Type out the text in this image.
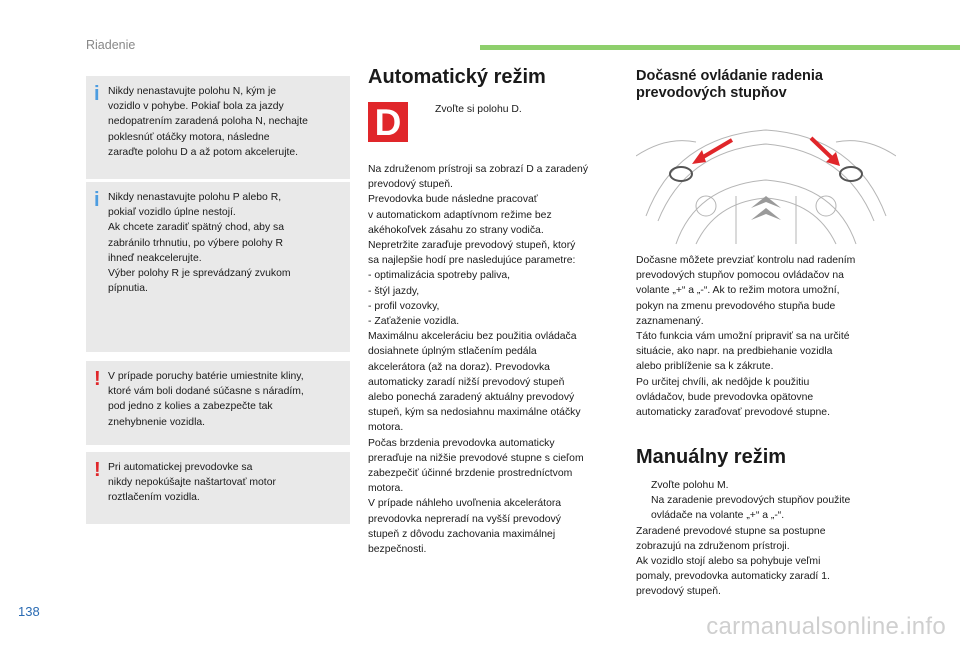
Riadenie
i Nikdy nenastavujte polohu N, kým je

vozidlo v pohybe. Pokiaľ bola za jazdy

nedopatrením zaradená poloha N, nechajte

poklesnúť otáčky motora, následne

zaraďte polohu D a až potom akcelerujte.

i Nikdy nenastavujte polohu P alebo R,

pokiaľ vozidlo úplne nestojí.

Ak chcete zaradiť spätný chod, aby sa

zabránilo trhnutiu, po výbere polohy R

ihneď neakcelerujte.

Výber polohy R je sprevádzaný zvukom

pípnutia.

! V prípade poruchy batérie umiestnite kliny,

ktoré vám boli dodané súčasne s náradím,

pod jedno z kolies a zabezpečte tak

znehybnenie vozidla.

! Pri automatickej prevodovke sa

nikdy nepokúšajte naštartovať motor

roztlačením vozidla.

Automatický režim
D	Zvoľte si polohu D.

Na združenom prístroji sa zobrazí D a zaradený

prevodový stupeň.

Prevodovka bude následne pracovať

v automatickom adaptívnom režime bez

akéhokoľvek zásahu zo strany vodiča.

Nepretržite zaraďuje prevodový stupeň, ktorý

sa najlepšie hodí pre nasledujúce parametre:

- optimalizácia spotreby paliva,

- štýl jazdy,

- profil vozovky,

- Zaťaženie vozidla.

Maximálnu akceleráciu bez použitia ovládača

dosiahnete úplným stlačením pedála

akcelerátora (až na doraz). Prevodovka

automaticky zaradí nižší prevodový stupeň

alebo ponechá zaradený aktuálny prevodový

stupeň, kým sa nedosiahnu maximálne otáčky

motora.

Počas brzdenia prevodovka automaticky

preraďuje na nižšie prevodové stupne s cieľom

zabezpečiť účinné brzdenie prostredníctvom

motora.

V prípade náhleho uvoľnenia akcelerátora

prevodovka nepreradí na vyšší prevodový

stupeň z dôvodu zachovania maximálnej

bezpečnosti.

Dočasné ovládanie radenia prevodových stupňov

Dočasne môžete prevziať kontrolu nad radením

prevodových stupňov pomocou ovládačov na

volante „+“ a „-“. Ak to režim motora umožní,

pokyn na zmenu prevodového stupňa bude

zaznamenaný.

Táto funkcia vám umožní pripraviť sa na určité

situácie, ako napr. na predbiehanie vozidla

alebo priblíženie sa k zákrute.

Po určitej chvíli, ak nedôjde k použitiu

ovládačov, bude prevodovka opätovne

automaticky zaraďovať prevodové stupne.

Manuálny režim

Zvoľte polohu M.

Na zaradenie prevodových stupňov použite

ovládače na volante „+“ a „-“.

Zaradené prevodové stupne sa postupne

zobrazujú na združenom prístroji.

Ak vozidlo stojí alebo sa pohybuje veľmi

pomaly, prevodovka automaticky zaradí 1.

prevodový stupeň.

138
carmanualsonline.info
